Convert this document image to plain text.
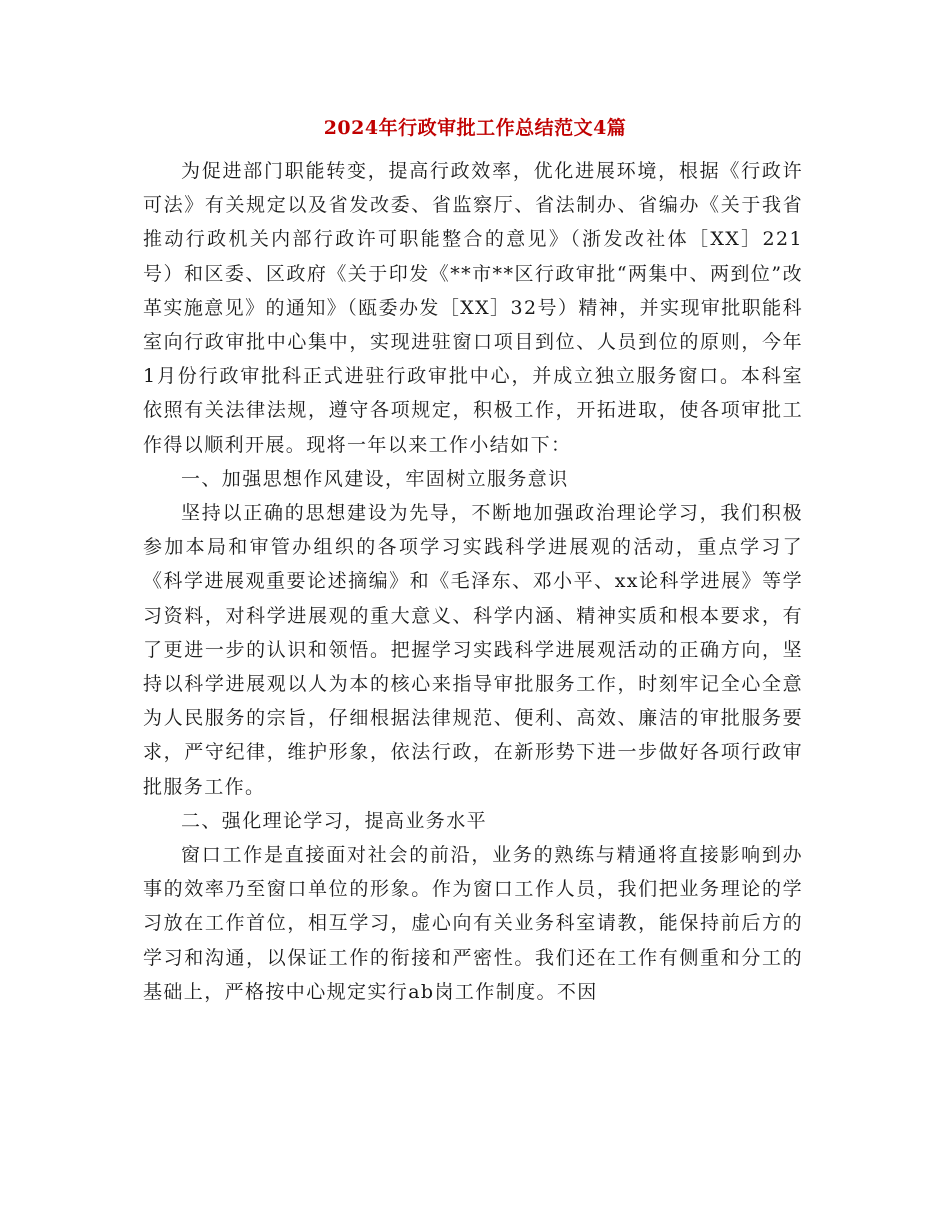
2024年行政审批工作总结范文4篇

为促进部门职能转变，提高行政效率，优化进展环境，根据《行政许可法》有关规定以及省发改委、省监察厅、省法制办、省编办《关于我省推动行政机关内部行政许可职能整合的意见》（浙发改社体［XX］221号）和区委、区政府《关于印发《**市**区行政审批“两集中、两到位”改革实施意见》的通知》（瓯委办发［XX］32号）精神，并实现审批职能科室向行政审批中心集中，实现进驻窗口项目到位、人员到位的原则，今年1月份行政审批科正式进驻行政审批中心，并成立独立服务窗口。本科室依照有关法律法规，遵守各项规定，积极工作，开拓进取，使各项审批工作得以顺利开展。现将一年以来工作小结如下：

一、加强思想作风建设，牢固树立服务意识

坚持以正确的思想建设为先导，不断地加强政治理论学习，我们积极参加本局和审管办组织的各项学习实践科学进展观的活动，重点学习了《科学进展观重要论述摘编》和《毛泽东、邓小平、xx论科学进展》等学习资料，对科学进展观的重大意义、科学内涵、精神实质和根本要求，有了更进一步的认识和领悟。把握学习实践科学进展观活动的正确方向，坚持以科学进展观以人为本的核心来指导审批服务工作，时刻牢记全心全意为人民服务的宗旨，仔细根据法律规范、便利、高效、廉洁的审批服务要求，严守纪律，维护形象，依法行政，在新形势下进一步做好各项行政审批服务工作。

二、强化理论学习，提高业务水平

窗口工作是直接面对社会的前沿，业务的熟练与精通将直接影响到办事的效率乃至窗口单位的形象。作为窗口工作人员，我们把业务理论的学习放在工作首位，相互学习，虚心向有关业务科室请教，能保持前后方的学习和沟通，以保证工作的衔接和严密性。我们还在工作有侧重和分工的基础上，严格按中心规定实行ab岗工作制度。不因
